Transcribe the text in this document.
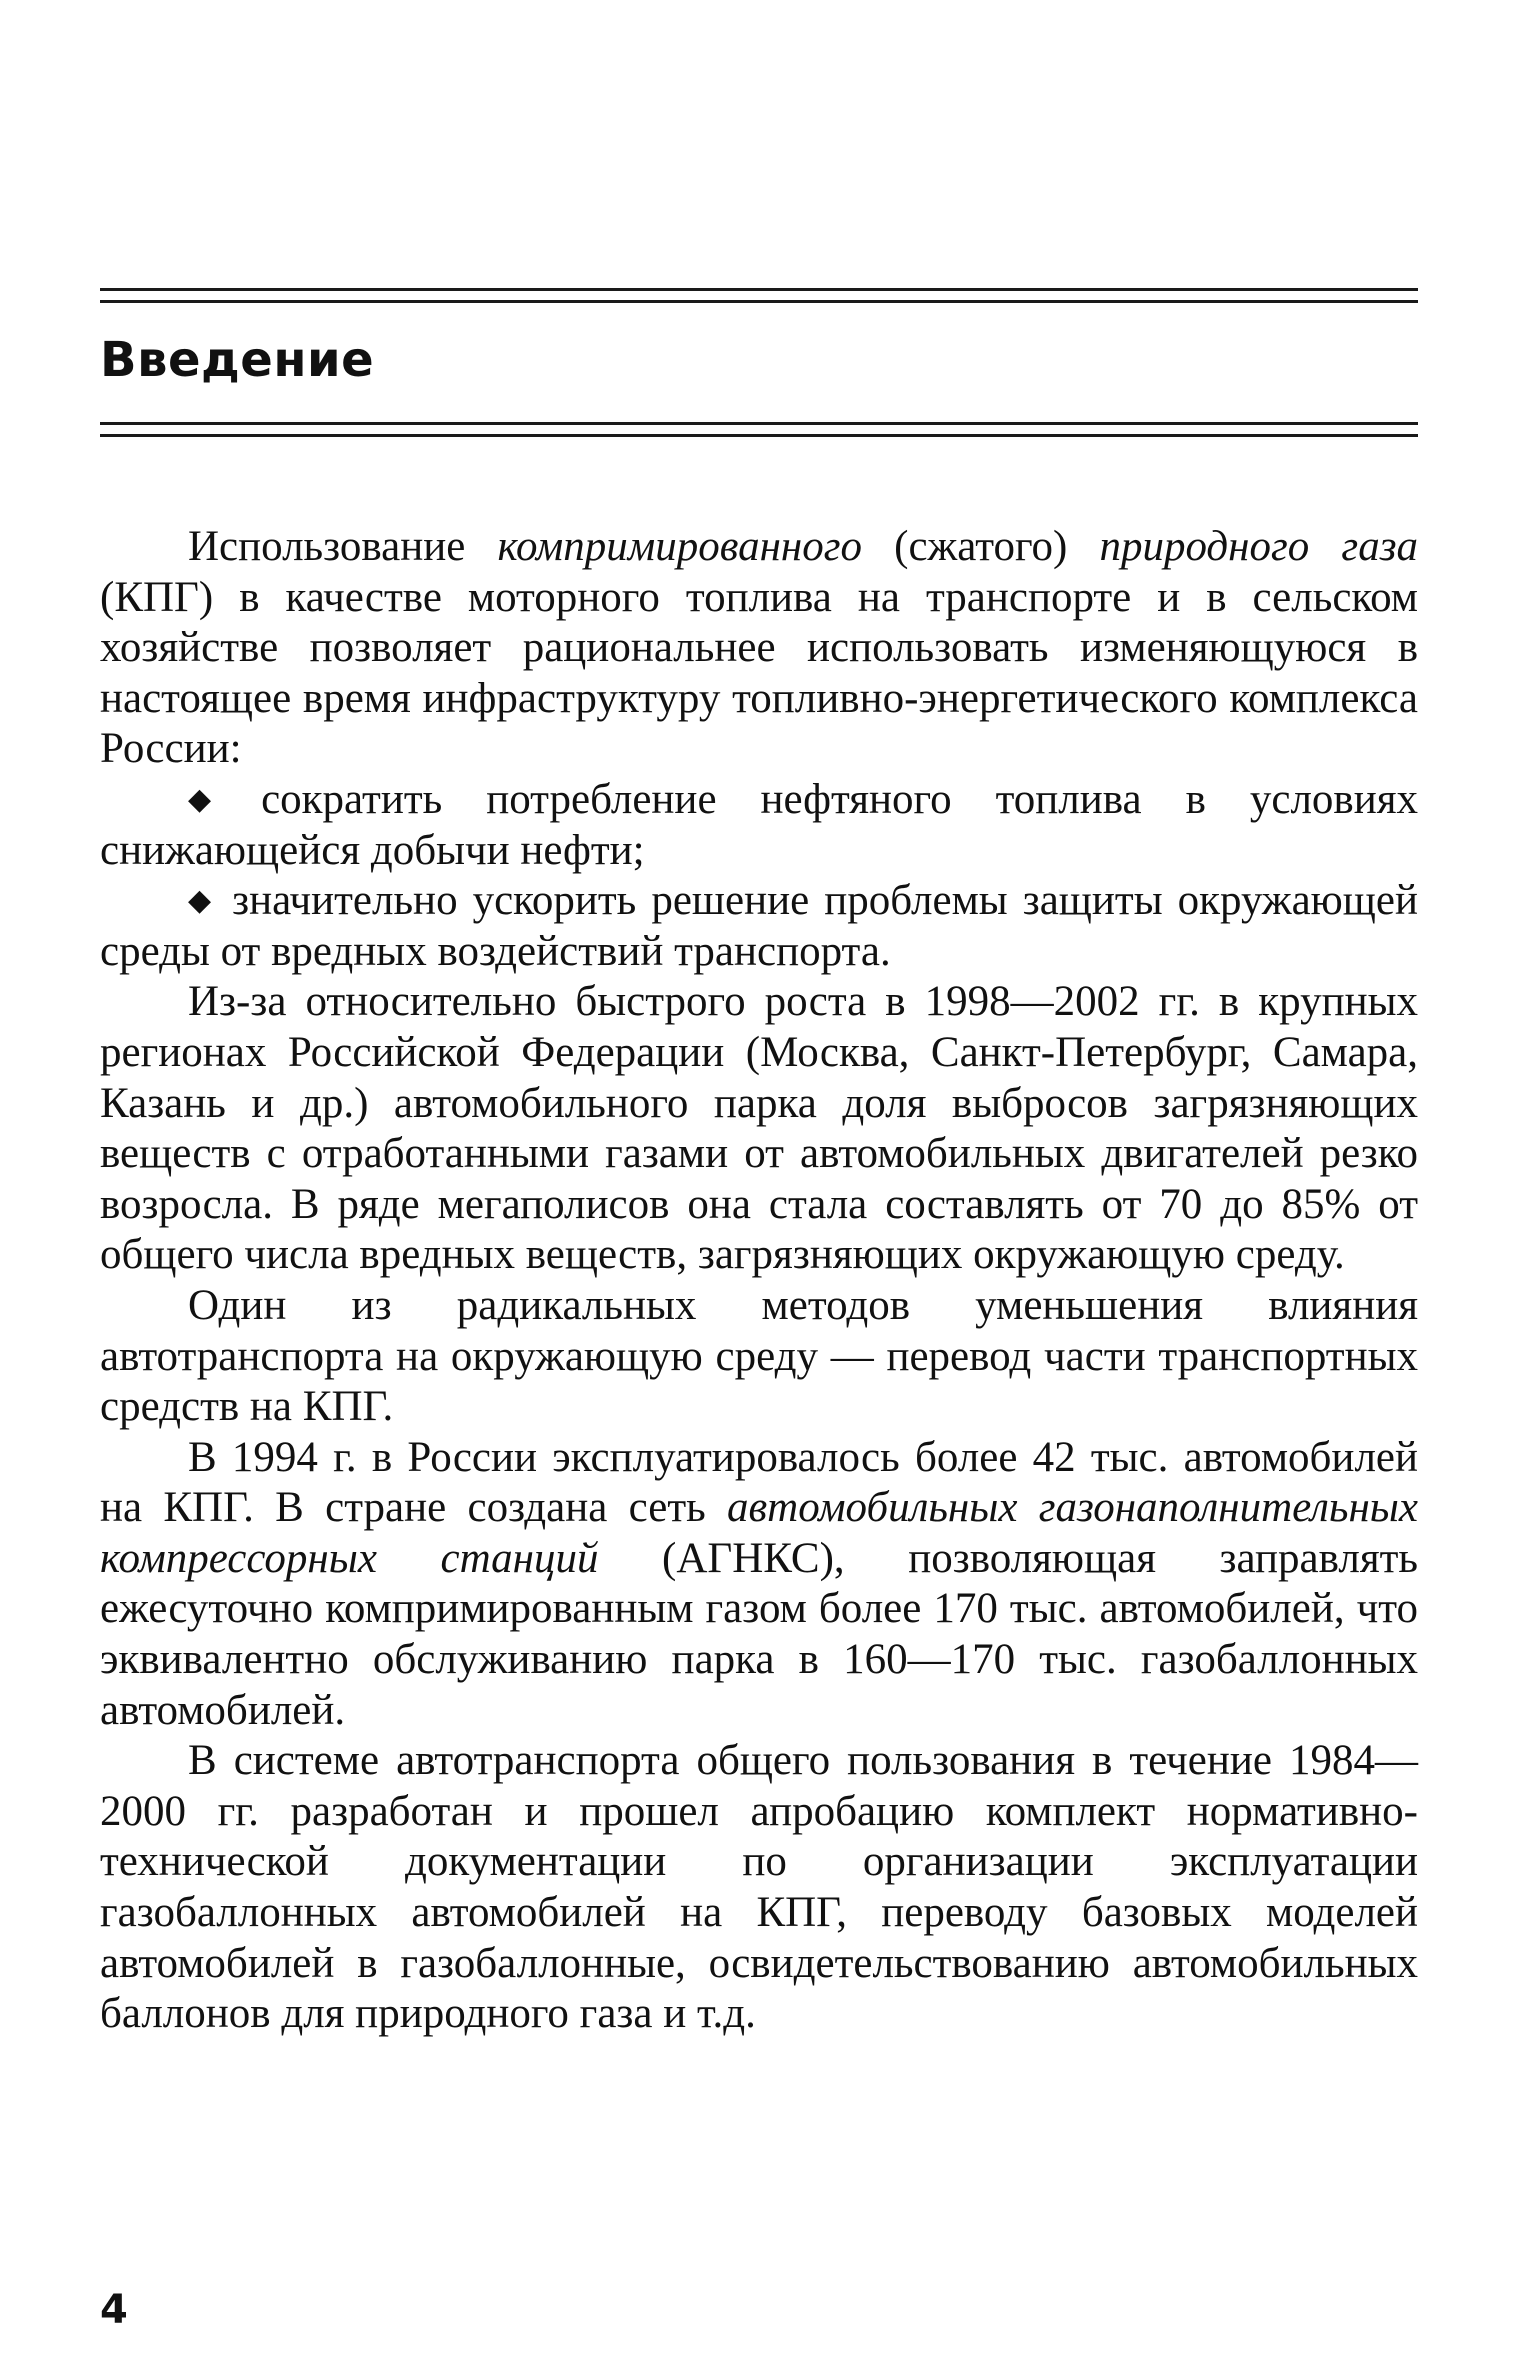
Введение

Использование компримированного (сжатого) природного газа (КПГ) в качестве моторного топлива на транспорте и в сельском хозяйстве позволяет рациональнее использовать изменяющуюся в настоящее время инфраструктуру топливно-энергетического комплекса России:

◆ сократить потребление нефтяного топлива в условиях снижающейся добычи нефти;

◆ значительно ускорить решение проблемы защиты окружающей среды от вредных воздействий транспорта.

Из-за относительно быстрого роста в 1998—2002 гг. в крупных регионах Российской Федерации (Москва, Санкт-Петербург, Самара, Казань и др.) автомобильного парка доля выбросов загрязняющих веществ с отработанными газами от автомобильных двигателей резко возросла. В ряде мегаполисов она стала составлять от 70 до 85% от общего числа вредных веществ, загрязняющих окружающую среду.

Один из радикальных методов уменьшения влияния автотранспорта на окружающую среду — перевод части транспортных средств на КПГ.

В 1994 г. в России эксплуатировалось более 42 тыс. автомобилей на КПГ. В стране создана сеть автомобильных газонаполнительных компрессорных станций (АГНКС), позволяющая заправлять ежесуточно компримированным газом более 170 тыс. автомобилей, что эквивалентно обслуживанию парка в 160—170 тыс. газобаллонных автомобилей.

В системе автотранспорта общего пользования в течение 1984—2000 гг. разработан и прошел апробацию комплект нормативно-технической документации по организации эксплуатации газобаллонных автомобилей на КПГ, переводу базовых моделей автомобилей в газобаллонные, освидетельствованию автомобильных баллонов для природного газа и т.д.

4
